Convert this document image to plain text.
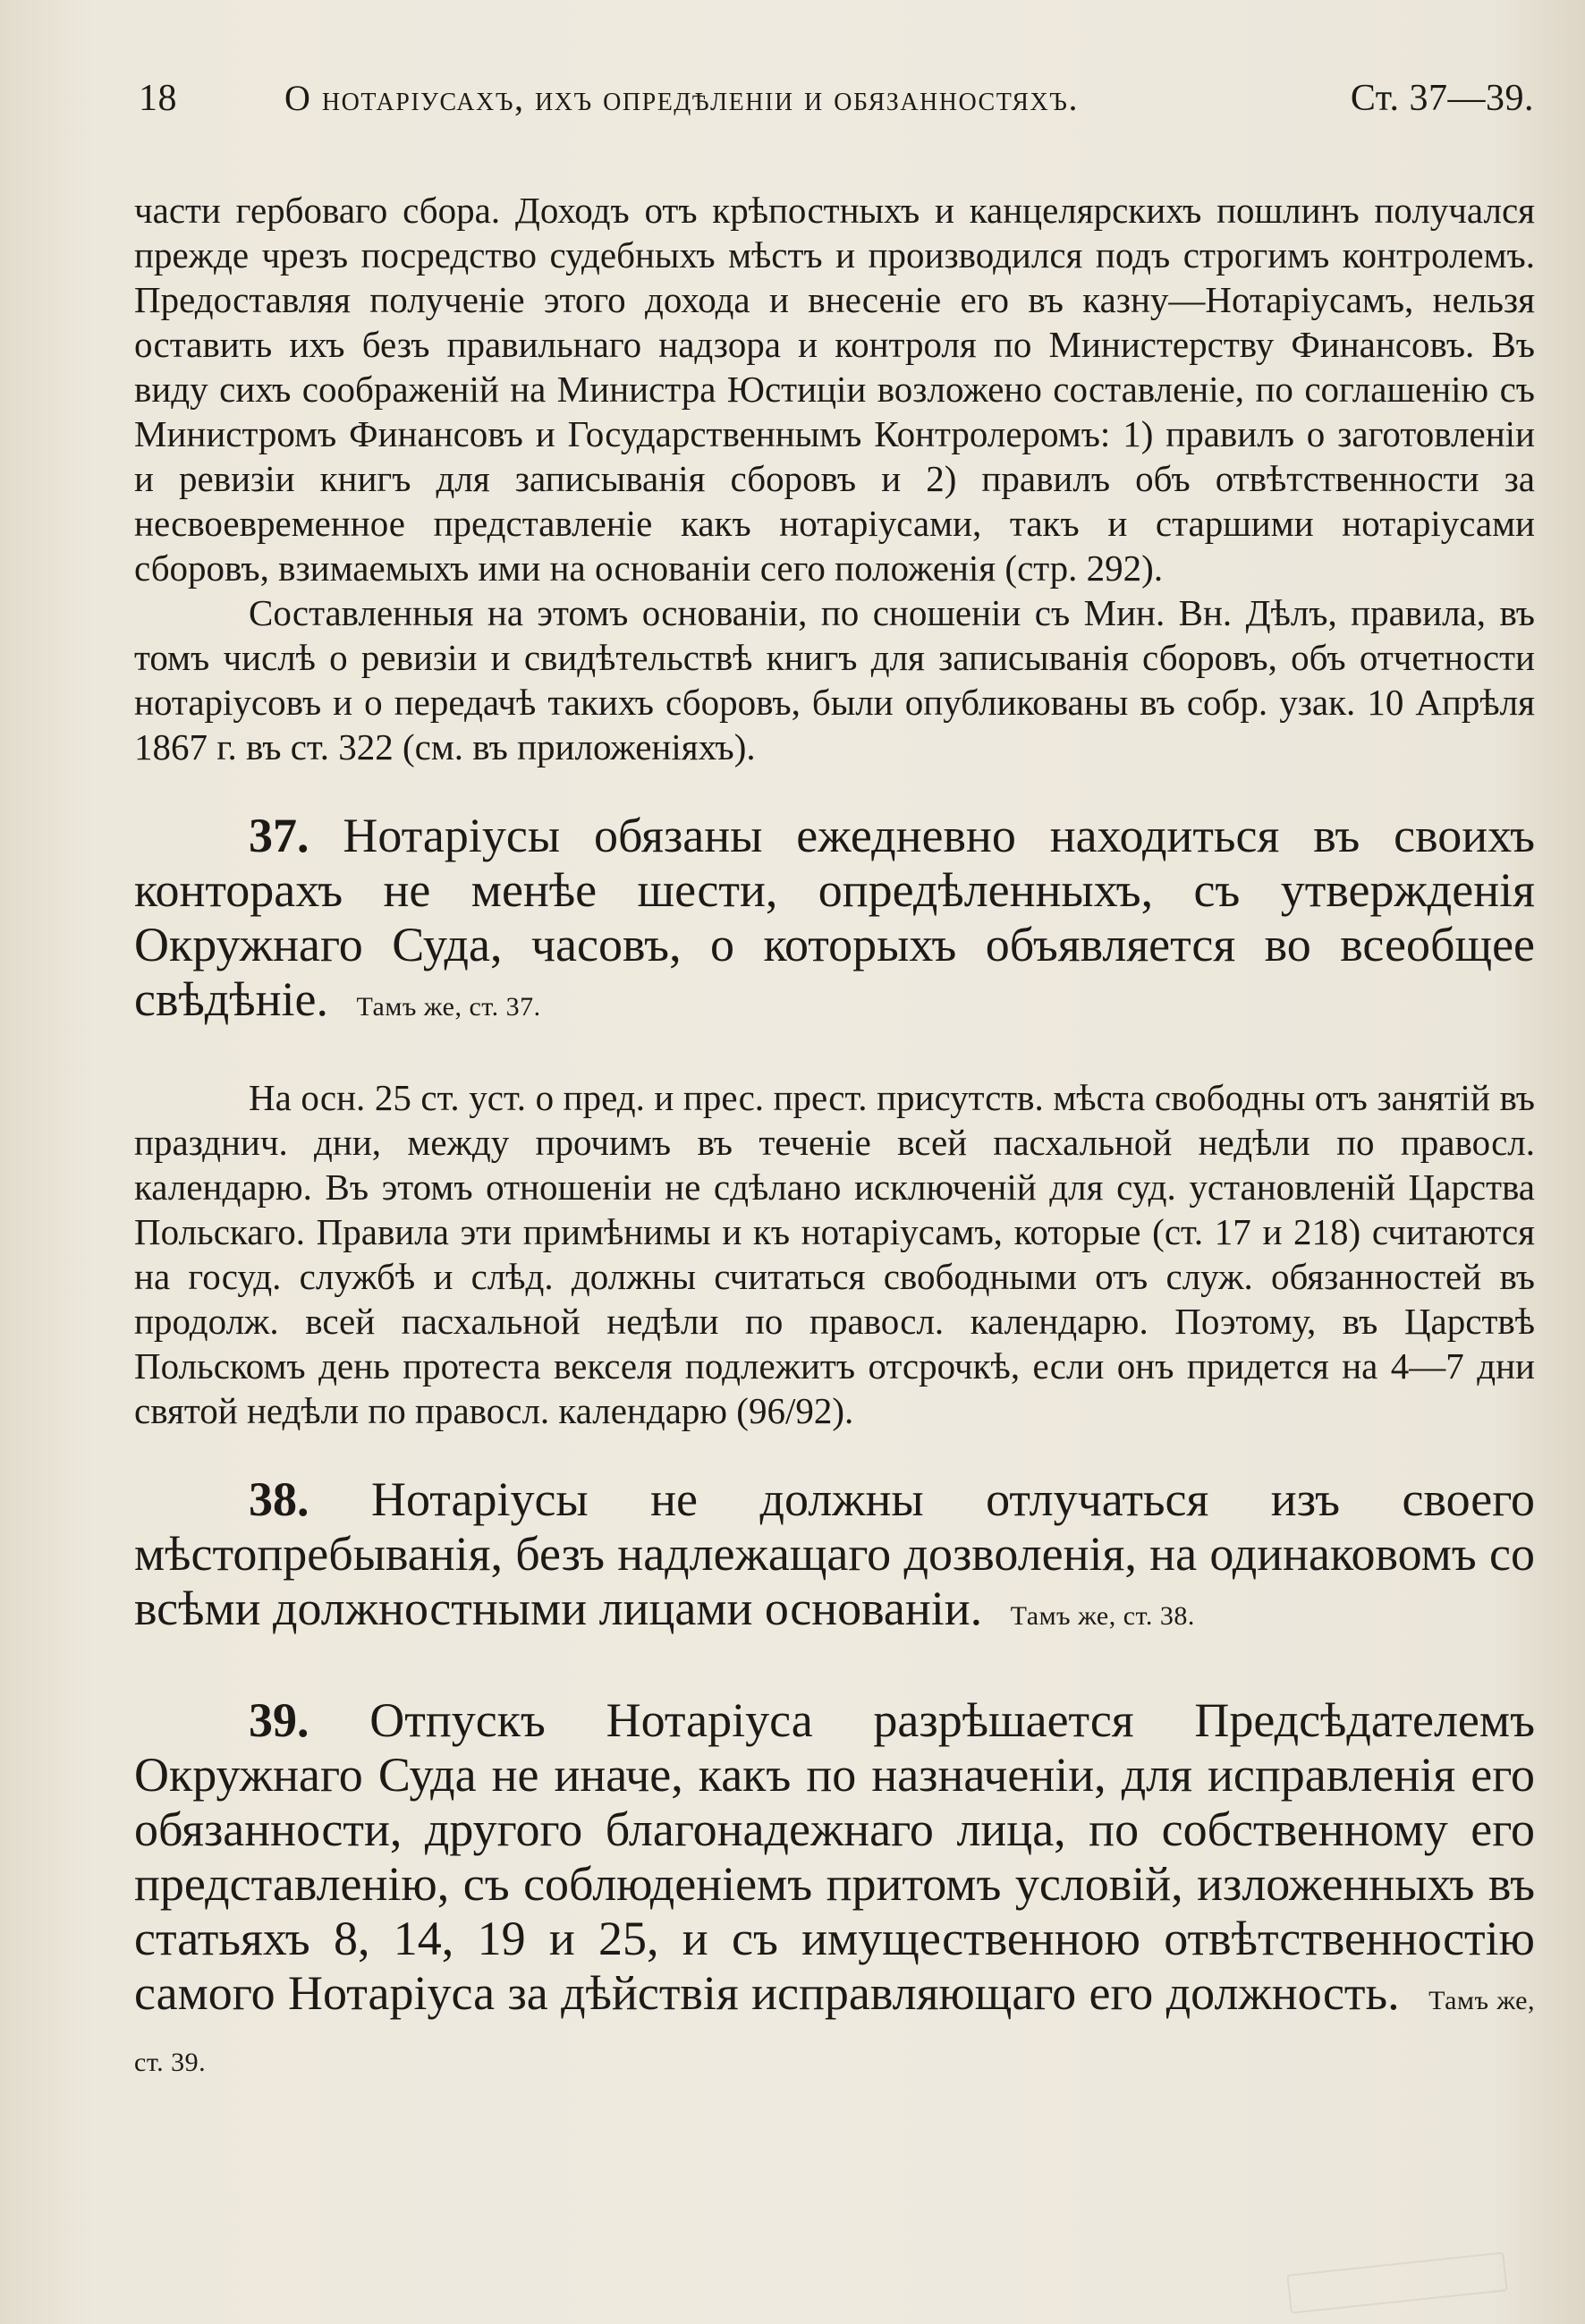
18	О нотаріусахъ, ихъ опредѣленіи и обязанностяхъ.	Ст. 37—39.

части гербоваго сбора. Доходъ отъ крѣпостныхъ и канцелярскихъ пошлинъ получался прежде чрезъ посредство судебныхъ мѣстъ и производился подъ строгимъ контролемъ. Предоставляя полученіе этого дохода и внесеніе его въ казну—Нотаріусамъ, нельзя оставить ихъ безъ правильнаго надзора и контроля по Министерству Финансовъ. Въ виду сихъ соображеній на Министра Юстиціи возложено составленіе, по соглашенію съ Министромъ Финансовъ и Государственнымъ Контролеромъ: 1) правилъ о заготовленіи и ревизіи книгъ для записыванія сборовъ и 2) правилъ объ отвѣтственности за несвоевременное представленіе какъ нотаріусами, такъ и старшими нотаріусами сборовъ, взимаемыхъ ими на основаніи сего положенія (стр. 292).

Составленныя на этомъ основаніи, по сношеніи съ Мин. Вн. Дѣлъ, правила, въ томъ числѣ о ревизіи и свидѣтельствѣ книгъ для записыванія сборовъ, объ отчетности нотаріусовъ и о передачѣ такихъ сборовъ, были опубликованы въ собр. узак. 10 Апрѣля 1867 г. въ ст. 322 (см. въ приложеніяхъ).

37. Нотаріусы обязаны ежедневно находиться въ своихъ конторахъ не менѣе шести, опредѣленныхъ, съ утвержденія Окружнаго Суда, часовъ, о которыхъ объявляется во всеобщее свѣдѣніе. Тамъ же, ст. 37.

На осн. 25 ст. уст. о пред. и прес. прест. присутств. мѣста свободны отъ занятій въ празднич. дни, между прочимъ въ теченіе всей пасхальной недѣли по правосл. календарю. Въ этомъ отношеніи не сдѣлано исключеній для суд. установленій Царства Польскаго. Правила эти примѣнимы и къ нотаріусамъ, которые (ст. 17 и 218) считаются на госуд. службѣ и слѣд. должны считаться свободными отъ служ. обязанностей въ продолж. всей пасхальной недѣли по правосл. календарю. Поэтому, въ Царствѣ Польскомъ день протеста векселя подлежитъ отсрочкѣ, если онъ придется на 4—7 дни святой недѣли по правосл. календарю (96/92).

38. Нотаріусы не должны отлучаться изъ своего мѣстопребыванія, безъ надлежащаго дозволенія, на одинаковомъ со всѣми должностными лицами основаніи. Тамъ же, ст. 38.

39. Отпускъ Нотаріуса разрѣшается Предсѣдателемъ Окружнаго Суда не иначе, какъ по назначеніи, для исправленія его обязанности, другого благонадежнаго лица, по собственному его представленію, съ соблюденіемъ притомъ условій, изложенныхъ въ статьяхъ 8, 14, 19 и 25, и съ имущественною отвѣтственностію самого Нотаріуса за дѣйствія исправляющаго его должность. Тамъ же, ст. 39.
